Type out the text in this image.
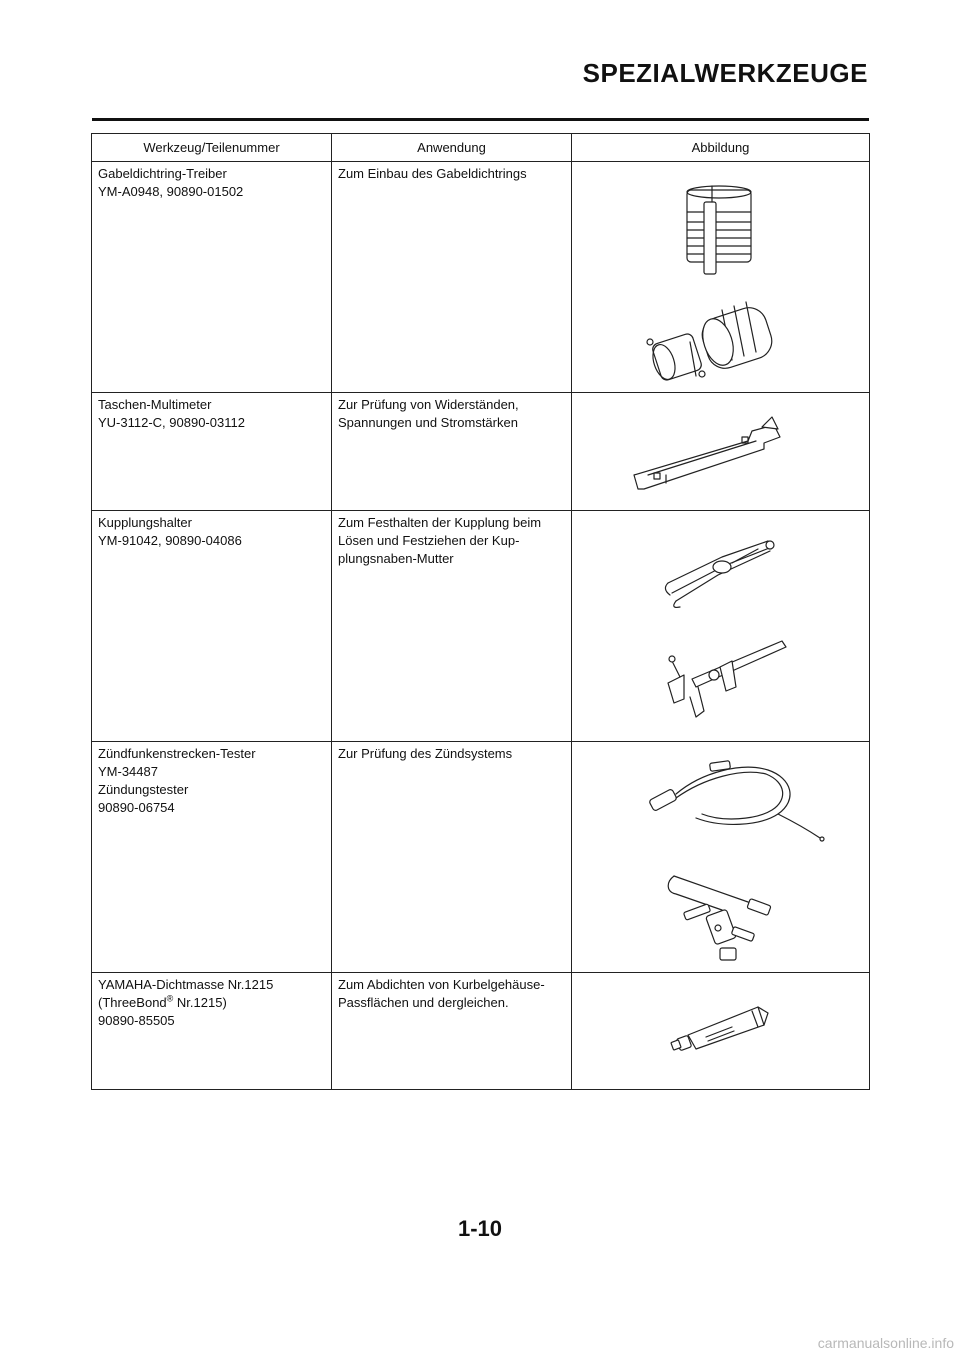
SPEZIALWERKZEUGE
Werkzeug/Teilenummer	Anwendung	Abbildung

Gabeldichtring-Treiber
YM-A0948, 90890-01502	Zum Einbau des Gabeldichtrings

Taschen-Multimeter
YU-3112-C, 90890-03112	Zur Prüfung von Widerständen,
Spannungen und Stromstärken

Kupplungshalter
YM-91042, 90890-04086	Zum Festhalten der Kupplung beim
Lösen und Festziehen der Kup-
plungsnaben-Mutter

Zündfunkenstrecken-Tester
YM-34487
Zündungstester
90890-06754	Zur Prüfung des Zündsystems

YAMAHA-Dichtmasse Nr.1215
(ThreeBond® Nr.1215)
90890-85505	Zum Abdichten von Kurbelgehäuse-
Passflächen und dergleichen.

1-10
carmanualsonline.info
